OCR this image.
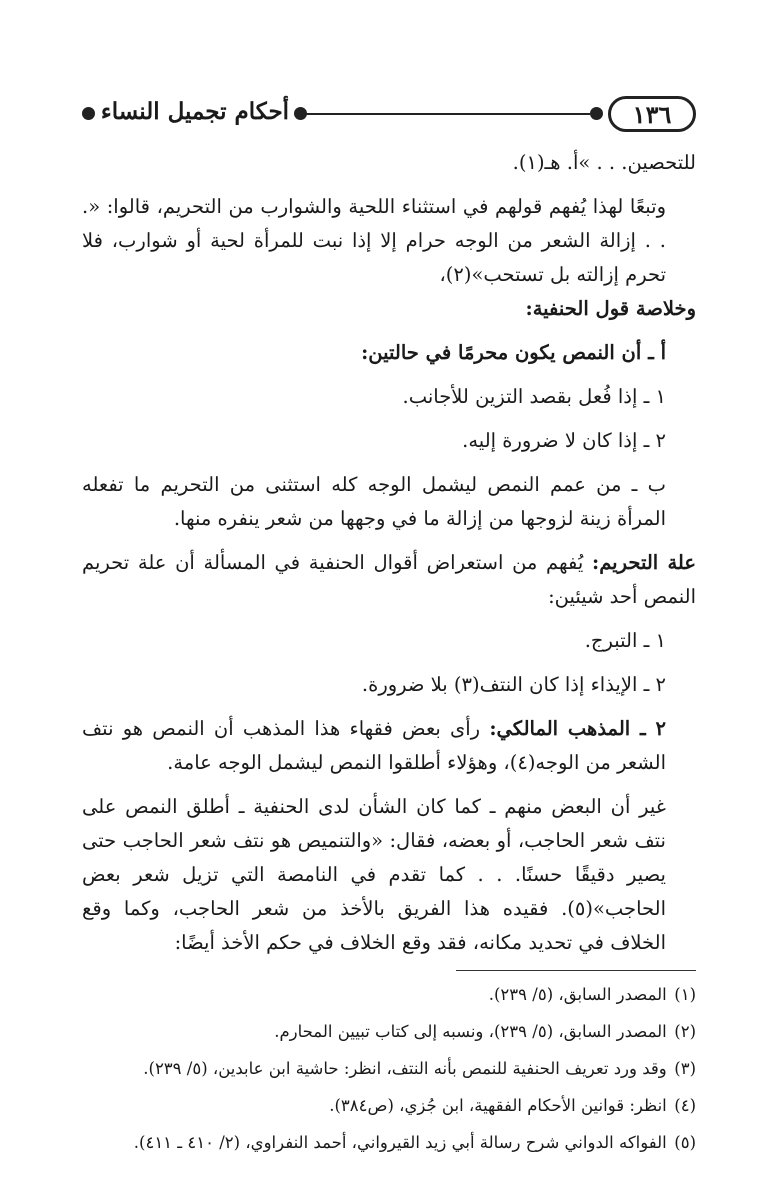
أحكام تجميل النساء	١٣٦
للتحصين. . . »أ. هـ(١).
وتبعًا لهذا يُفهم قولهم في استثناء اللحية والشوارب من التحريم، قالوا: «. . . إزالة الشعر من الوجه حرام إلا إذا نبت للمرأة لحية أو شوارب، فلا تحرم إزالته بل تستحب»(٢)،
وخلاصة قول الحنفية:
أ ـ أن النمص يكون محرمًا في حالتين:
١ ـ إذا فُعل بقصد التزين للأجانب.
٢ ـ إذا كان لا ضرورة إليه.
ب ـ من عمم النمص ليشمل الوجه كله استثنى من التحريم ما تفعله المرأة زينة لزوجها من إزالة ما في وجهها من شعر ينفره منها.
علة التحريم: يُفهم من استعراض أقوال الحنفية في المسألة أن علة تحريم النمص أحد شيئين:
١ ـ التبرج.
٢ ـ الإيذاء إذا كان النتف(٣) بلا ضرورة.
٢ ـ المذهب المالكي: رأى بعض فقهاء هذا المذهب أن النمص هو نتف الشعر من الوجه(٤)، وهؤلاء أطلقوا النمص ليشمل الوجه عامة.
غير أن البعض منهم ـ كما كان الشأن لدى الحنفية ـ أطلق النمص على نتف شعر الحاجب، أو بعضه، فقال: «والتنميص هو نتف شعر الحاجب حتى يصير دقيقًا حسنًا. . . كما تقدم في النامصة التي تزيل شعر بعض الحاجب»(٥). فقيده هذا الفريق بالأخذ من شعر الحاجب، وكما وقع الخلاف في تحديد مكانه، فقد وقع الخلاف في حكم الأخذ أيضًا:
(١) المصدر السابق، (٥/ ٢٣٩).
(٢) المصدر السابق، (٥/ ٢٣٩)، ونسبه إلى كتاب تبيين المحارم.
(٣) وقد ورد تعريف الحنفية للنمص بأنه النتف، انظر: حاشية ابن عابدين، (٥/ ٢٣٩).
(٤) انظر: قوانين الأحكام الفقهية، ابن جُزي، (ص٣٨٤).
(٥) الفواكه الدواني شرح رسالة أبي زيد القيرواني، أحمد النفراوي، (٢/ ٤١٠ ـ ٤١١).
